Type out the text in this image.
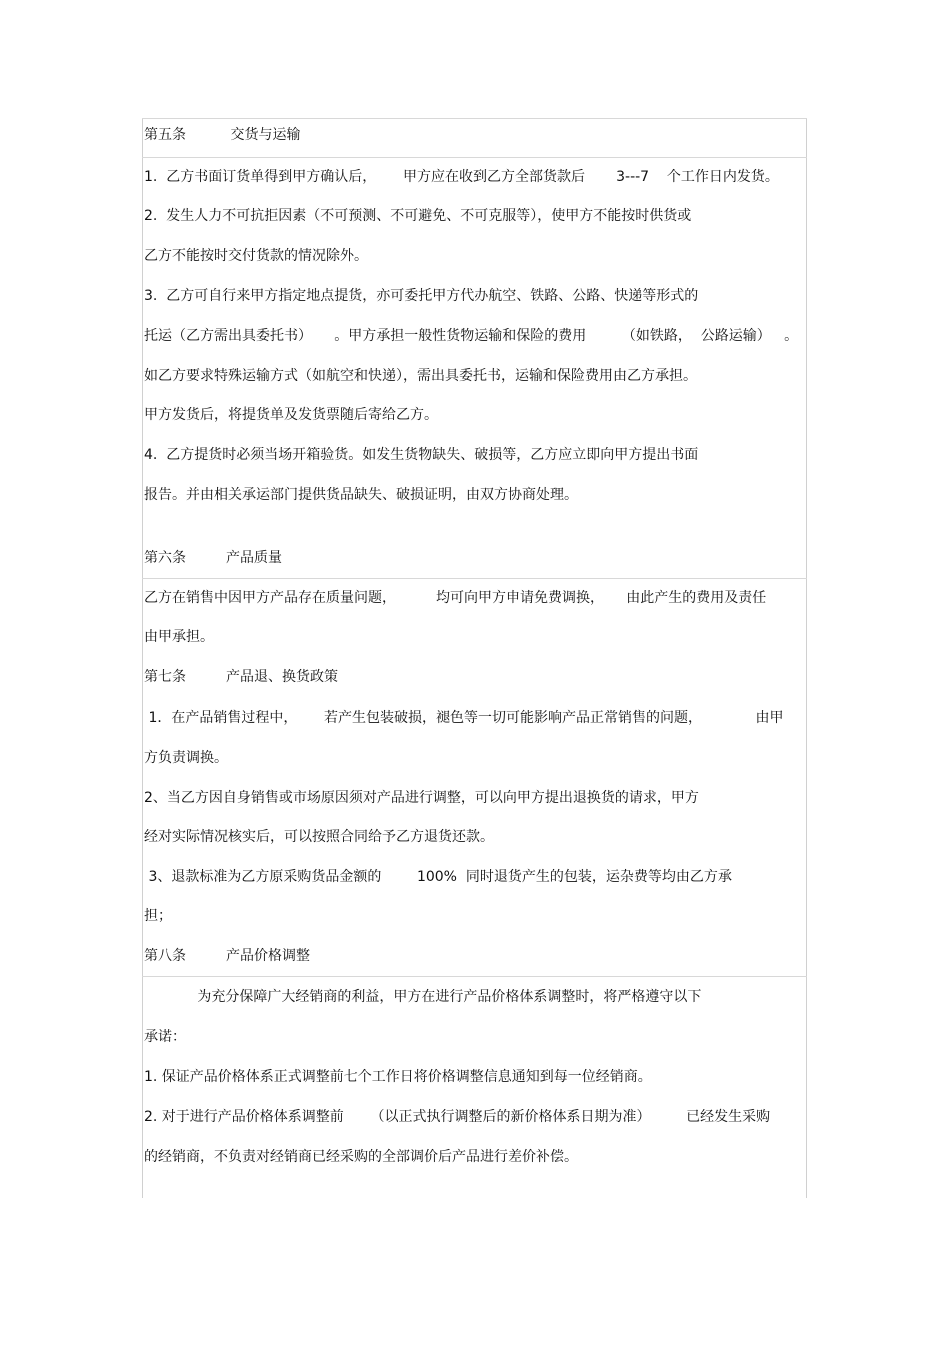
第五条          交货与运输
1.  乙方书面订货单得到甲方确认后，      甲方应在收到乙方全部货款后       3---7    个工作日内发货。
2.  发生人力不可抗拒因素（不可预测、不可避免、不可克服等），使甲方不能按时供货或
乙方不能按时交付货款的情况除外。
3.  乙方可自行来甲方指定地点提货，亦可委托甲方代办航空、铁路、公路、快递等形式的
托运（乙方需出具委托书）     。甲方承担一般性货物运输和保险的费用        （如铁路，  公路运输）   。
如乙方要求特殊运输方式（如航空和快递），需出具委托书，运输和保险费用由乙方承担。
甲方发货后，将提货单及发货票随后寄给乙方。
4.  乙方提货时必须当场开箱验货。如发生货物缺失、破损等，乙方应立即向甲方提出书面
报告。并由相关承运部门提供货品缺失、破损证明，由双方协商处理。
第六条         产品质量
乙方在销售中因甲方产品存在质量问题，         均可向甲方申请免费调换，     由此产生的费用及责任
由甲承担。
第七条         产品退、换货政策
1．在产品销售过程中，      若产生包装破损，褪色等一切可能影响产品正常销售的问题，            由甲
方负责调换。
2、当乙方因自身销售或市场原因须对产品进行调整，可以向甲方提出退换货的请求，甲方
经对实际情况核实后，可以按照合同给予乙方退货还款。
3、退款标准为乙方原采购货品金额的        100%  同时退货产生的包装，运杂费等均由乙方承
担；
第八条         产品价格调整
为充分保障广大经销商的利益，甲方在进行产品价格体系调整时，将严格遵守以下
承诺：
1. 保证产品价格体系正式调整前七个工作日将价格调整信息通知到每一位经销商。
2. 对于进行产品价格体系调整前      （以正式执行调整后的新价格体系日期为准）        已经发生采购
的经销商，不负责对经销商已经采购的全部调价后产品进行差价补偿。
